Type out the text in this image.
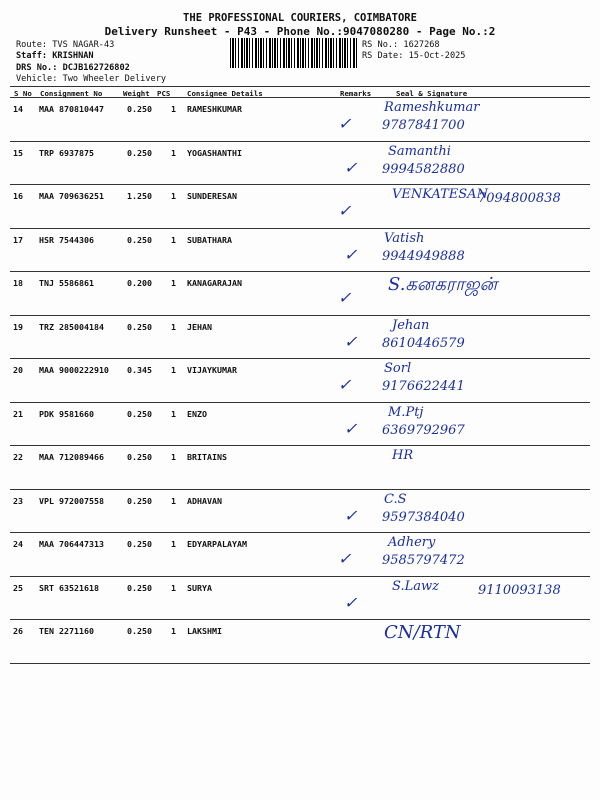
THE PROFESSIONAL COURIERS, COIMBATORE
Delivery Runsheet - P43 - Phone No.:9047080280 - Page No.:2
Route: TVS NAGAR-43
Staff: KRISHNAN
DRS No.: DCJB162726802
Vehicle: Two Wheeler Delivery
RS No.: 1627268
RS Date: 15-Oct-2025
S No Consignment No	Weight PCS Consignee Details	Remarks	Seal & Signature
14 MAA 870810447	0.250 1 RAMESHKUMAR
✓
Rameshkumar
9787841700
15 TRP 6937875	0.250 1 YOGASHANTHI
✓
Samanthi
9994582880
16 MAA 709636251	1.250 1 SUNDERESAN
✓
VENKATESAN
7094800838
17 HSR 7544306	0.250 1 SUBATHARA
✓
Vatish
9944949888
18 TNJ 5586861	0.200 1 KANAGARAJAN
✓
S.கனகராஜன்
19 TRZ 285004184	0.250 1 JEHAN
✓
Jehan
8610446579
20 MAA 9000222910 0.345 1 VIJAYKUMAR
✓
Sorl
9176622441
21 PDK 9581660	0.250 1 ENZO
✓
M.Ptj
6369792967
22 MAA 712089466	0.250 1 BRITAINS	HR
23 VPL 972007558	0.250 1 ADHAVAN
✓
C.S
9597384040
24 MAA 706447313	0.250 1 EDYARPALAYAM
✓
Adhery
9585797472
25 SRT 63521618	0.250 1 SURYA
✓
S.Lawz	9110093138
26 TEN 2271160	0.250 1 LAKSHMI	CN/RTN
